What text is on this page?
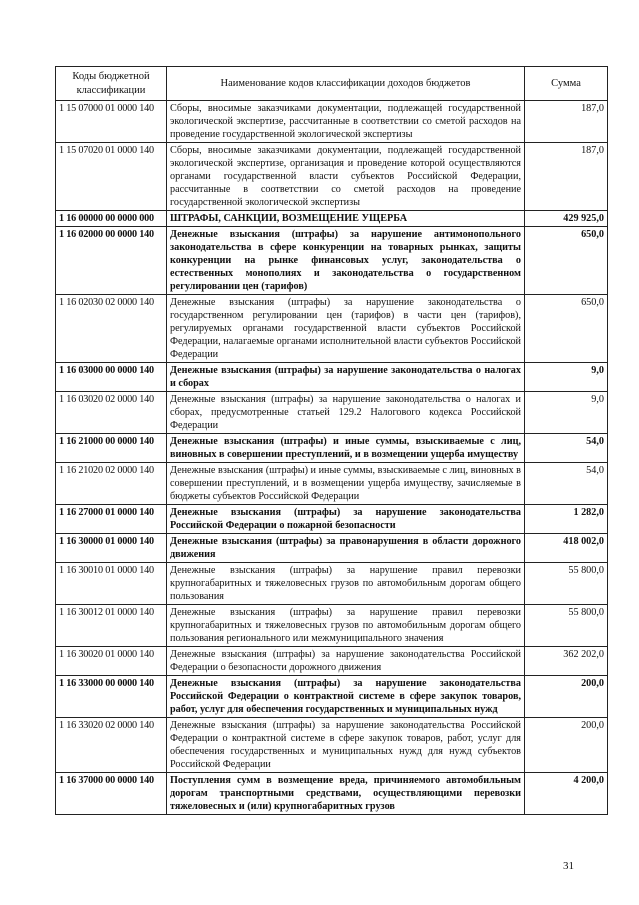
Коды бюджетной классификации	Наименование кодов классификации доходов бюджетов	Сумма
1 15 07000 01 0000 140	Сборы, вносимые заказчиками документации, подлежащей государственной экологической экспертизе, рассчитанные в соответствии со сметой расходов на проведение государственной экологической экспертизы	187,0
1 15 07020 01 0000 140	Сборы, вносимые заказчиками документации, подлежащей государственной экологической экспертизе, организация и проведение которой осуществляются органами государственной власти субъектов Российской Федерации, рассчитанные в соответствии со сметой расходов на проведение государственной экологической экспертизы	187,0
1 16 00000 00 0000 000	ШТРАФЫ, САНКЦИИ, ВОЗМЕЩЕНИЕ УЩЕРБА	429 925,0
1 16 02000 00 0000 140	Денежные взыскания (штрафы) за нарушение антимонопольного законодательства в сфере конкуренции на товарных рынках, защиты конкуренции на рынке финансовых услуг, законодательства о естественных монополиях и законодательства о государственном регулировании цен (тарифов)	650,0
1 16 02030 02 0000 140	Денежные взыскания (штрафы) за нарушение законодательства о государственном регулировании цен (тарифов) в части цен (тарифов), регулируемых органами государственной власти субъектов Российской Федерации, налагаемые органами исполнительной власти субъектов Российской Федерации	650,0
1 16 03000 00 0000 140	Денежные взыскания (штрафы) за нарушение законодательства о налогах и сборах	9,0
1 16 03020 02 0000 140	Денежные взыскания (штрафы) за нарушение законодательства о налогах и сборах, предусмотренные статьей 129.2 Налогового кодекса Российской Федерации	9,0
1 16 21000 00 0000 140	Денежные взыскания (штрафы) и иные суммы, взыскиваемые с лиц, виновных в совершении преступлений, и в возмещении ущерба имуществу	54,0
1 16 21020 02 0000 140	Денежные взыскания (штрафы) и иные суммы, взыскиваемые с лиц, виновных в совершении преступлений, и в возмещении ущерба имуществу, зачисляемые в бюджеты субъектов Российской Федерации	54,0
1 16 27000 01 0000 140	Денежные взыскания (штрафы) за нарушение законодательства Российской Федерации о пожарной безопасности	1 282,0
1 16 30000 01 0000 140	Денежные взыскания (штрафы) за правонарушения в области дорожного движения	418 002,0
1 16 30010 01 0000 140	Денежные взыскания (штрафы) за нарушение правил перевозки крупногабаритных и тяжеловесных грузов по автомобильным дорогам общего пользования	55 800,0
1 16 30012 01 0000 140	Денежные взыскания (штрафы) за нарушение правил перевозки крупногабаритных и тяжеловесных грузов по автомобильным дорогам общего пользования регионального или межмуниципального значения	55 800,0
1 16 30020 01 0000 140	Денежные взыскания (штрафы) за нарушение законодательства Российской Федерации о безопасности дорожного движения	362 202,0
1 16 33000 00 0000 140	Денежные взыскания (штрафы) за нарушение законодательства Российской Федерации о контрактной системе в сфере закупок товаров, работ, услуг для обеспечения государственных и муниципальных нужд	200,0
1 16 33020 02 0000 140	Денежные взыскания (штрафы) за нарушение законодательства Российской Федерации о контрактной системе в сфере закупок товаров, работ, услуг для обеспечения государственных и муниципальных нужд для нужд субъектов Российской Федерации	200,0
1 16 37000 00 0000 140	Поступления сумм в возмещение вреда, причиняемого автомобильным дорогам транспортными средствами, осуществляющими перевозки тяжеловесных и (или) крупногабаритных грузов	4 200,0
31
